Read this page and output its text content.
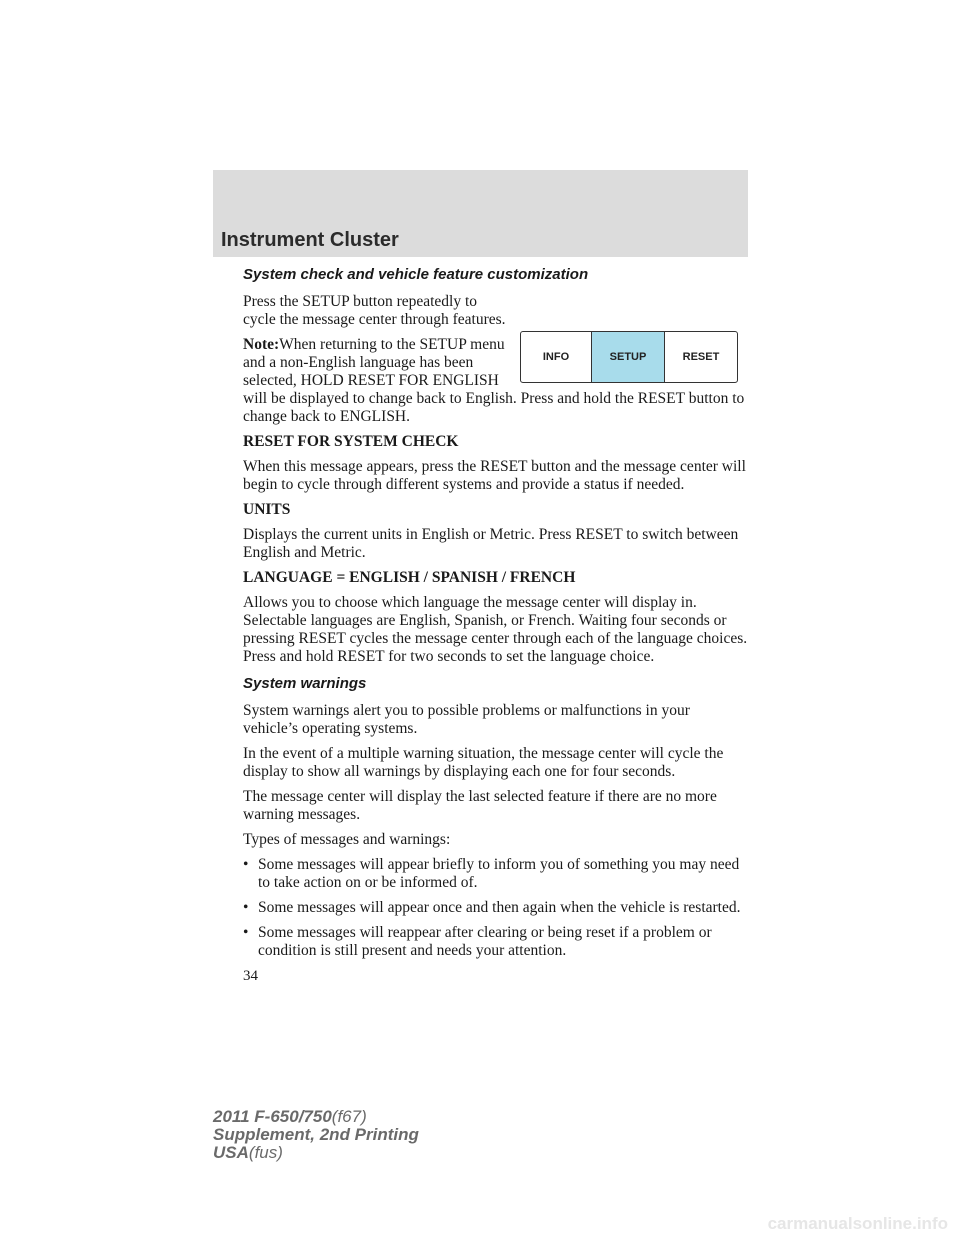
Instrument Cluster
System check and vehicle feature customization
INFO	SETUP	RESET

Press the SETUP button repeatedly to cycle the message center through features.

Note:When returning to the SETUP menu and a non-English language has been selected, HOLD RESET FOR ENGLISH will be displayed to change back to English. Press and hold the RESET button to change back to ENGLISH.

RESET FOR SYSTEM CHECK

When this message appears, press the RESET button and the message center will begin to cycle through different systems and provide a status if needed.

UNITS

Displays the current units in English or Metric. Press RESET to switch between English and Metric.

LANGUAGE = ENGLISH / SPANISH / FRENCH

Allows you to choose which language the message center will display in. Selectable languages are English, Spanish, or French. Waiting four seconds or pressing RESET cycles the message center through each of the language choices. Press and hold RESET for two seconds to set the language choice.

System warnings

System warnings alert you to possible problems or malfunctions in your vehicle’s operating systems.

In the event of a multiple warning situation, the message center will cycle the display to show all warnings by displaying each one for four seconds.

The message center will display the last selected feature if there are no more warning messages.

Types of messages and warnings:

• Some messages will appear briefly to inform you of something you may need to take action on or be informed of.
• Some messages will appear once and then again when the vehicle is restarted.
• Some messages will reappear after clearing or being reset if a problem or condition is still present and needs your attention.
34
2011 F-650/750(f67)
Supplement, 2nd Printing
USA(fus)
carmanualsonline.info
